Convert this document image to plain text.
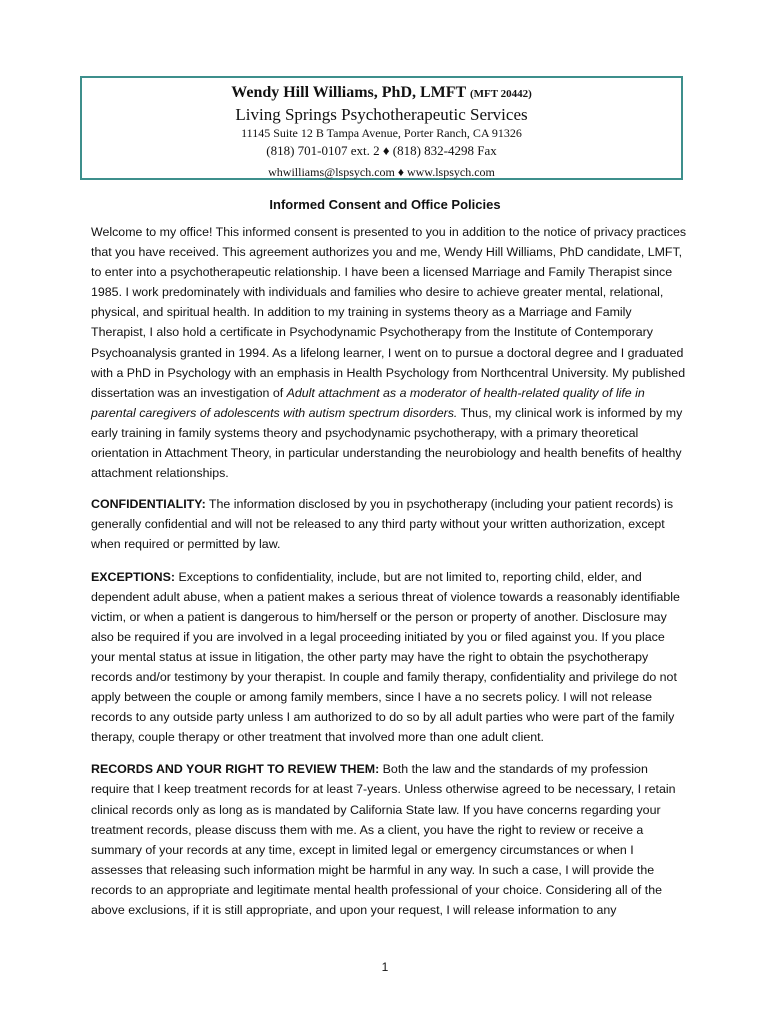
Wendy Hill Williams, PhD, LMFT (MFT 20442)
Living Springs Psychotherapeutic Services
11145 Suite 12 B Tampa Avenue, Porter Ranch, CA 91326
(818) 701-0107 ext. 2 ♦ (818) 832-4298 Fax
whwilliams@lspsych.com ♦ www.lspsych.com
Informed Consent and Office Policies

Welcome to my office! This informed consent is presented to you in addition to the notice of privacy practices that you have received. This agreement authorizes you and me, Wendy Hill Williams, PhD candidate, LMFT, to enter into a psychotherapeutic relationship. I have been a licensed Marriage and Family Therapist since 1985. I work predominately with individuals and families who desire to achieve greater mental, relational, physical, and spiritual health. In addition to my training in systems theory as a Marriage and Family Therapist, I also hold a certificate in Psychodynamic Psychotherapy from the Institute of Contemporary Psychoanalysis granted in 1994. As a lifelong learner, I went on to pursue a doctoral degree and I graduated with a PhD in Psychology with an emphasis in Health Psychology from Northcentral University. My published dissertation was an investigation of Adult attachment as a moderator of health-related quality of life in parental caregivers of adolescents with autism spectrum disorders. Thus, my clinical work is informed by my early training in family systems theory and psychodynamic psychotherapy, with a primary theoretical orientation in Attachment Theory, in particular understanding the neurobiology and health benefits of healthy attachment relationships.

CONFIDENTIALITY: The information disclosed by you in psychotherapy (including your patient records) is generally confidential and will not be released to any third party without your written authorization, except when required or permitted by law.

EXCEPTIONS: Exceptions to confidentiality, include, but are not limited to, reporting child, elder, and dependent adult abuse, when a patient makes a serious threat of violence towards a reasonably identifiable victim, or when a patient is dangerous to him/herself or the person or property of another. Disclosure may also be required if you are involved in a legal proceeding initiated by you or filed against you. If you place your mental status at issue in litigation, the other party may have the right to obtain the psychotherapy records and/or testimony by your therapist. In couple and family therapy, confidentiality and privilege do not apply between the couple or among family members, since I have a no secrets policy. I will not release records to any outside party unless I am authorized to do so by all adult parties who were part of the family therapy, couple therapy or other treatment that involved more than one adult client.

RECORDS AND YOUR RIGHT TO REVIEW THEM: Both the law and the standards of my profession require that I keep treatment records for at least 7-years. Unless otherwise agreed to be necessary, I retain clinical records only as long as is mandated by California State law. If you have concerns regarding your treatment records, please discuss them with me. As a client, you have the right to review or receive a summary of your records at any time, except in limited legal or emergency circumstances or when I assesses that releasing such information might be harmful in any way. In such a case, I will provide the records to an appropriate and legitimate mental health professional of your choice. Considering all of the above exclusions, if it is still appropriate, and upon your request, I will release information to any

1
